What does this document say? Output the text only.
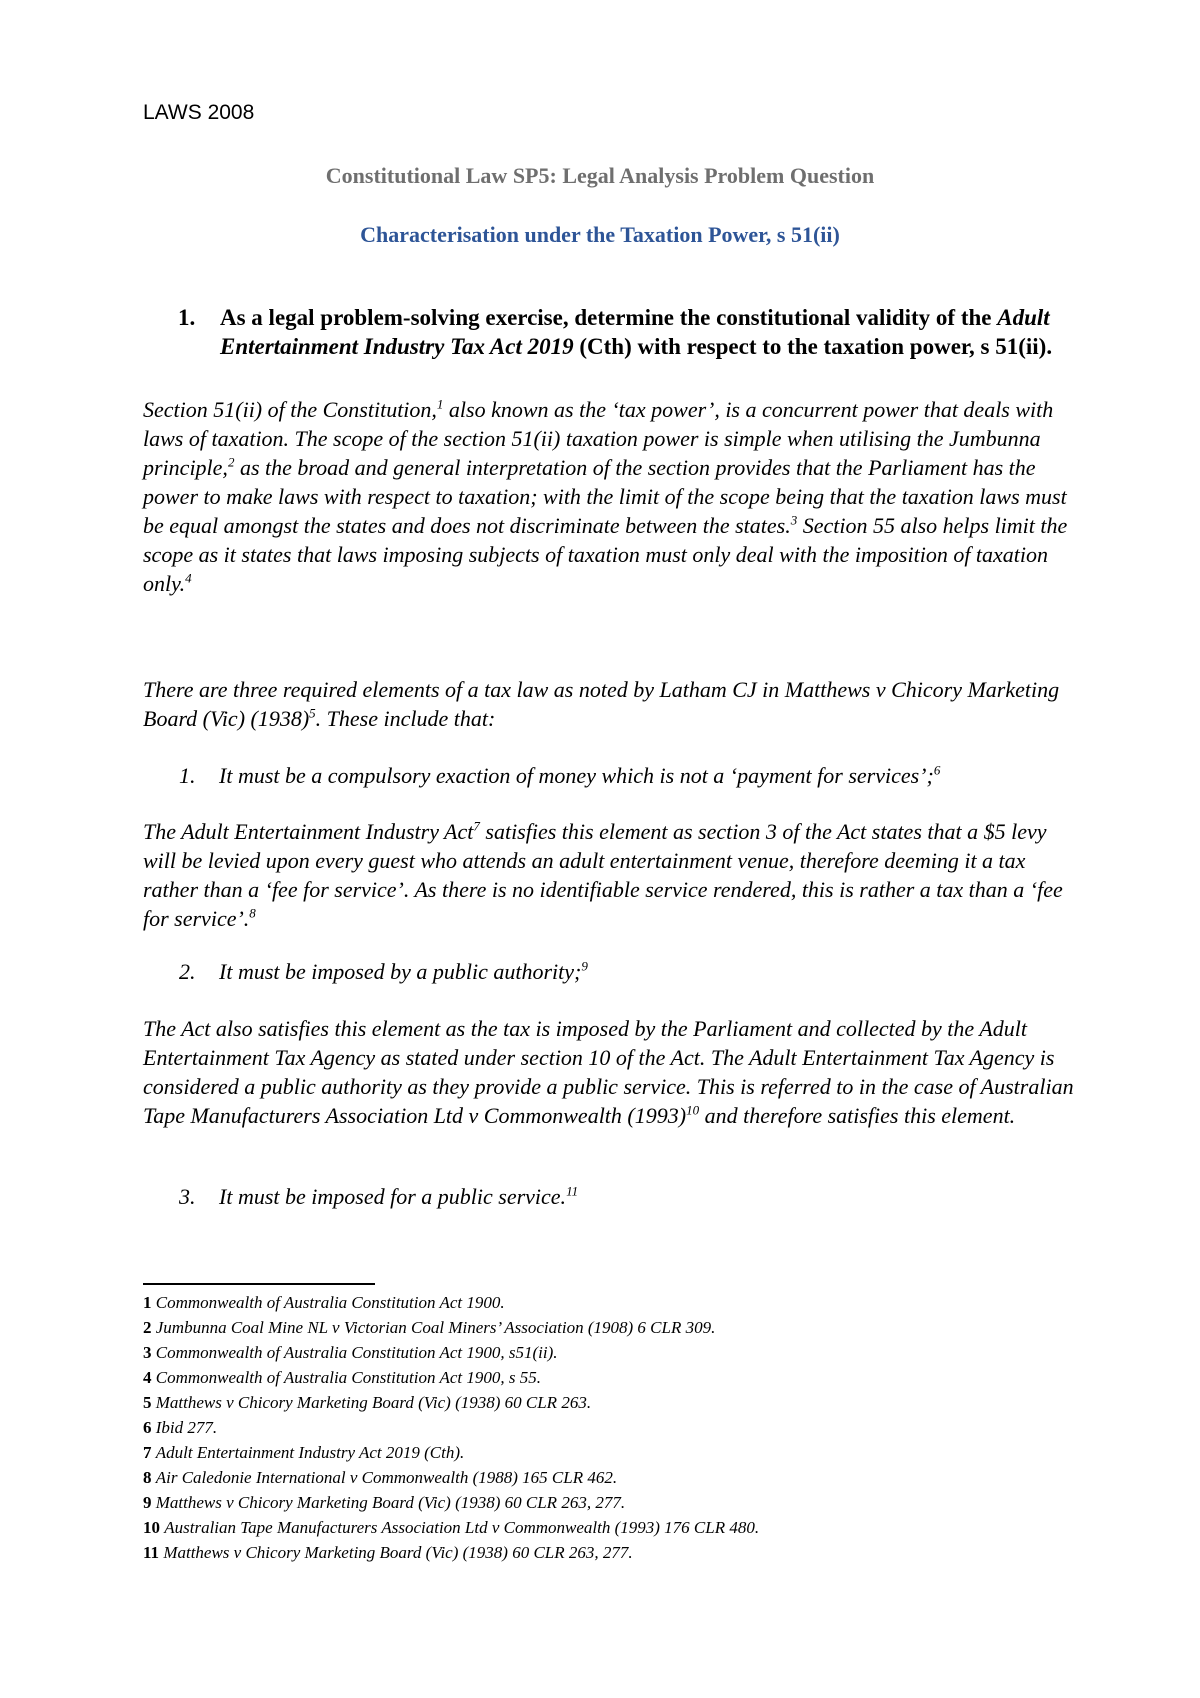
LAWS 2008
Constitutional Law SP5: Legal Analysis Problem Question
Characterisation under the Taxation Power, s 51(ii)
1. As a legal problem-solving exercise, determine the constitutional validity of the Adult Entertainment Industry Tax Act 2019 (Cth) with respect to the taxation power, s 51(ii).
Section 51(ii) of the Constitution,$^1$ also known as the ‘tax power’, is a concurrent power that deals with laws of taxation. The scope of the section 51(ii) taxation power is simple when utilising the Jumbunna principle,$^2$ as the broad and general interpretation of the section provides that the Parliament has the power to make laws with respect to taxation; with the limit of the scope being that the taxation laws must be equal amongst the states and does not discriminate between the states.$^3$ Section 55 also helps limit the scope as it states that laws imposing subjects of taxation must only deal with the imposition of taxation only.$^4$
There are three required elements of a tax law as noted by Latham CJ in Matthews v Chicory Marketing Board (Vic) $(1938)^5$. These include that:
1. It must be a compulsory exaction of money which is not a ‘payment for services’;$^6$
The Adult Entertainment Industry Act$^7$ satisfies this element as section 3 of the Act states that a $5 levy will be levied upon every guest who attends an adult entertainment venue, therefore deeming it a tax rather than a ‘fee for service’. As there is no identifiable service rendered, this is rather a tax than a ‘fee for service’.$^8$
2. It must be imposed by a public authority;$^9$
The Act also satisfies this element as the tax is imposed by the Parliament and collected by the Adult Entertainment Tax Agency as stated under section 10 of the Act. The Adult Entertainment Tax Agency is considered a public authority as they provide a public service. This is referred to in the case of Australian Tape Manufacturers Association Ltd v Commonwealth $(1993)^{10}$ and therefore satisfies this element.
3. It must be imposed for a public service.$^{11}$
1 Commonwealth of Australia Constitution Act 1900.
2 Jumbunna Coal Mine NL v Victorian Coal Miners’ Association (1908) 6 CLR 309.
3 Commonwealth of Australia Constitution Act 1900, s51(ii).
4 Commonwealth of Australia Constitution Act 1900, s 55.
5 Matthews v Chicory Marketing Board (Vic) (1938) 60 CLR 263.
6 Ibid 277.
7 Adult Entertainment Industry Act 2019 (Cth).
8 Air Caledonie International v Commonwealth (1988) 165 CLR 462.
9 Matthews v Chicory Marketing Board (Vic) (1938) 60 CLR 263, 277.
10 Australian Tape Manufacturers Association Ltd v Commonwealth (1993) 176 CLR 480.
11 Matthews v Chicory Marketing Board (Vic) (1938) 60 CLR 263, 277.
